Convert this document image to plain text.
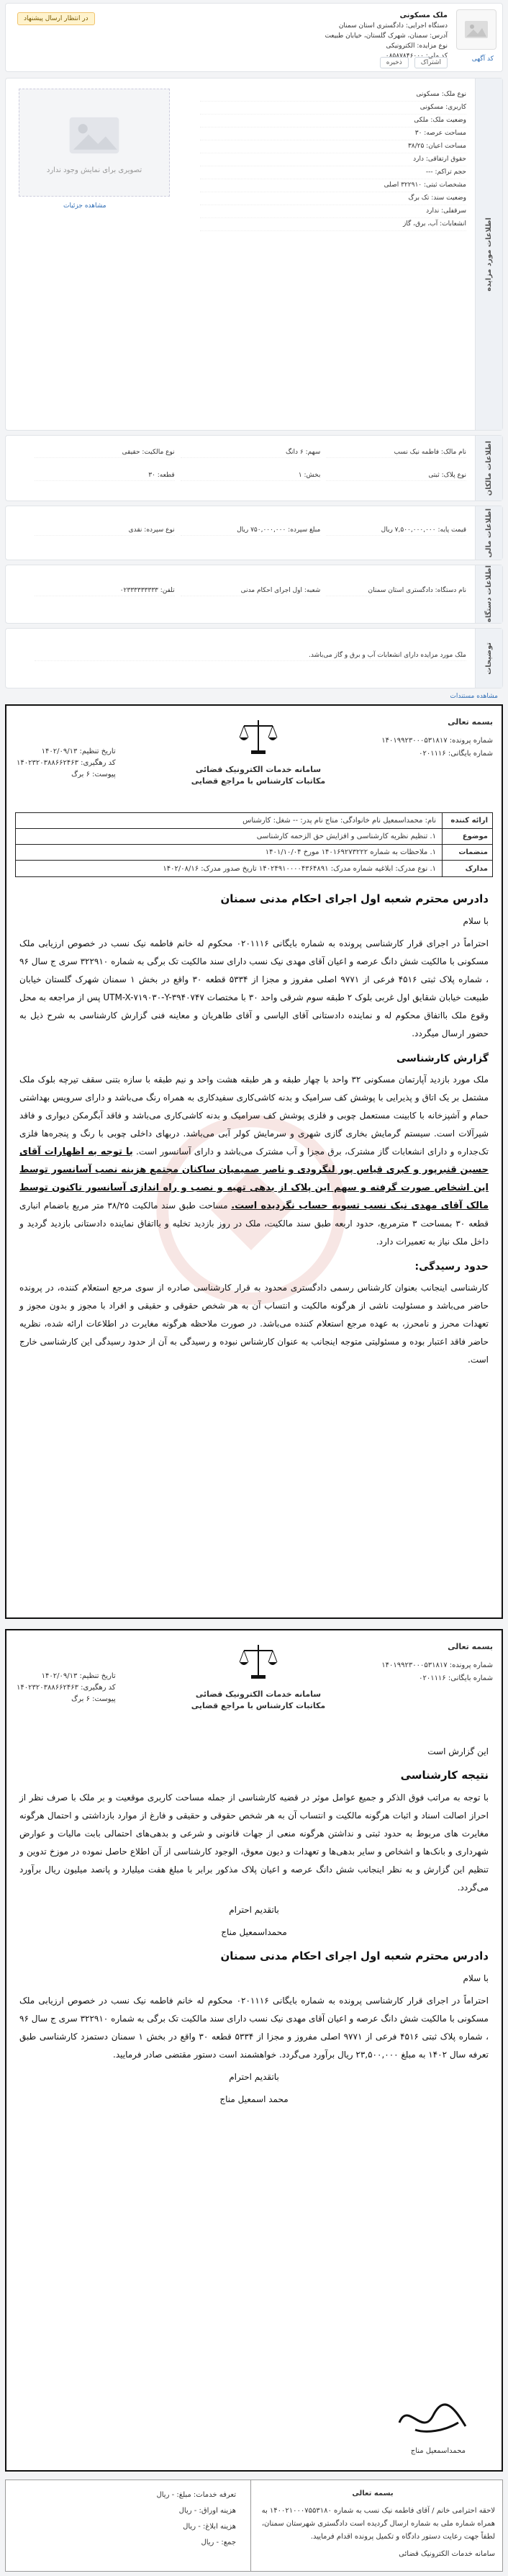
کد آگهی
ملک مسکونی
دستگاه اجرایی: دادگستری استان سمنان
آدرس: سمنان، شهرک گلستان، خیابان طبیعت
نوع مزایده: الکترونیکی
کد ملی: ۰۸۵۸۷۸۴۶۰۰۰
در انتظار ارسال پیشنهاد
اشتراک
ذخیره
اطلاعات مورد مزایده
تصویری برای نمایش وجود ندارد
مشاهده جزئیات
نوع ملک: مسکونی
کاربری: مسکونی
وضعیت ملک: ملکی
مساحت عرصه: ۳۰
مساحت اعیان: ۳۸/۲۵
حقوق ارتفاقی: دارد
حجم تراکم: ---
مشخصات ثبتی: ۳۲۲۹۱۰ اصلی
وضعیت سند: تک برگ
سرقفلی: ندارد
انشعابات: آب، برق، گاز
اطلاعات مالکان
نام مالک: فاطمه نیک نسب
سهم: ۶ دانگ
نوع مالکیت: حقیقی
نوع پلاک: ثبتی
بخش: ۱
قطعه: ۳۰
اطلاعات مالی
قیمت پایه: ۷,۵۰۰,۰۰۰,۰۰۰ ریال
مبلغ سپرده: ۷۵۰,۰۰۰,۰۰۰ ریال
نوع سپرده: نقدی
اطلاعات دستگاه
نام دستگاه: دادگستری استان سمنان
شعبه: اول اجرای احکام مدنی
تلفن: ۰۲۳۳۳۳۳۳۳۳۳
توضیحات
ملک مورد مزایده دارای انشعابات آب و برق و گاز می‌باشد.
مشاهده مستندات
بسمه تعالی
شماره پرونده: ۱۴۰۱۹۹۲۳۰۰۰۵۳۱۸۱۷
شماره بایگانی: ۰۲۰۱۱۱۶
سامانه خدمات الکترونیک قضائی
مکاتبات کارشناس با مراجع قضایی
تاریخ تنظیم: ۱۴۰۲/۰۹/۱۳
کد رهگیری: ۱۴۰۲۳۲۰۳۸۸۶۶۲۴۶۳
پیوست: ۶ برگ
ارائه کننده
نام: محمداسمعیل نام خانوادگی: مناج نام پدر: -- شغل: کارشناس
موضوع
۱. تنظیم نظریه کارشناسی و افزایش حق الزحمه کارشناسی
منضمات
۱. ملاحظات به شماره ۱۴۰۱۶۹۲۷۳۲۲۲ مورخ ۱۴۰۱/۱۰/۰۴
مدارک
۱. نوع مدرک: ابلاغیه شماره مدرک: ۱۴۰۲۴۹۱۰۰۰۰۴۳۶۴۸۹۱ تاریخ صدور مدرک: ۱۴۰۲/۰۸/۱۶
دادرس محترم شعبه اول اجرای احکام مدنی سمنان

با سلام

احتراماً در اجرای قرار کارشناسی پرونده به شماره بایگانی ۰۲۰۱۱۱۶ محکوم له خانم فاطمه نیک نسب در خصوص ارزیابی ملک مسکونی با مالکیت شش دانگ عرصه و اعیان آقای مهدی نیک نسب دارای سند مالکیت تک برگی به شماره ۳۲۲۹۱۰ سری ج سال ۹۶ ، شماره پلاک ثبتی ۴۵۱۶ فرعی از ۹۷۷۱ اصلی مفروز و مجزا از ۵۳۳۴ قطعه ۳۰ واقع در بخش ۱ سمنان شهرک گلستان خیابان طبیعت خیابان شقایق اول غربی بلوک ۲ طبقه سوم شرقی واحد ۳۰ با مختصات UTM-X-۷۱۹۰۳۰-Y-۳۹۴۰۷۴۷ پس از مراجعه به محل وقوع ملک بااتفاق محکوم له و نماینده دادستانی آقای الیاسی و آقای طاهریان و معاینه فنی گزارش کارشناسی به شرح ذیل به حضور ارسال میگردد.

گزارش کارشناسی

ملک مورد بازدید آپارتمان مسکونی ۳۲ واحد با چهار طبقه و هر طبقه هشت واحد و نیم طبقه با سازه بتنی سقف تیرچه بلوک ملک مشتمل بر یک اتاق و پذیرایی با پوشش کف سرامیک و بدنه کاشی‌کاری سفیدکاری به همراه رنگ می‌باشد و دارای سرویس بهداشتی حمام و آشپزخانه با کابینت مستعمل چوبی و فلزی پوشش کف سرامیک و بدنه کاشی‌کاری می‌باشد و فاقد آبگرمکن دیواری و فاقد شیرآلات است. سیستم گرمایش بخاری گازی شهری و سرمایش کولر آبی می‌باشد. دربهای داخلی چوبی با رنگ و پنجره‌ها فلزی تک‌جداره و دارای انشعابات گاز مشترک، برق مجزا و آب مشترک می‌باشد و دارای آسانسور است. با توجه به اظهارات آقای حسین قنبرپور و کبری قیاس پور لنگرودی و ناصر صمیمیان ساکنان مجتمع هزینه نصب آسانسور توسط این اشخاص صورت گرفته و سهم این پلاک از بدهی تهیه و نصب و راه اندازی آسانسور تاکنون توسط مالک آقای مهدی نیک نسب تسویه حساب نگردیده است. مساحت طبق سند مالکیت ۳۸/۲۵ متر مربع باضمام انباری قطعه ۳۰ بمساحت ۳ مترمربع، حدود اربعه طبق سند مالکیت، ملک در روز بازدید تخلیه و بااتفاق نماینده دادستانی بازدید گردید و داخل ملک نیاز به تعمیرات دارد.

حدود رسیدگی:

کارشناسی اینجانب بعنوان کارشناس رسمی دادگستری محدود به قرار کارشناسی صادره از سوی مرجع استعلام کننده، در پرونده حاضر می‌باشد و مسئولیت ناشی از هرگونه مالکیت و انتساب آن به هر شخص حقوقی و حقیقی و افراد با مجوز و بدون مجوز و تعهدات محرز و نامحرز، به عهده مرجع استعلام کننده می‌باشد. در صورت ملاحظه هرگونه مغایرت در اطلاعات ارائه شده، نظریه حاضر فاقد اعتبار بوده و مسئولیتی متوجه اینجانب به عنوان کارشناس نبوده و رسیدگی به آن از حدود رسیدگی این کارشناسی خارج است.

بسمه تعالی
شماره پرونده: ۱۴۰۱۹۹۲۳۰۰۰۵۳۱۸۱۷
شماره بایگانی: ۰۲۰۱۱۱۶
سامانه خدمات الکترونیک قضائی
مکاتبات کارشناس با مراجع قضایی
تاریخ تنظیم: ۱۴۰۲/۰۹/۱۳
کد رهگیری: ۱۴۰۲۳۲۰۳۸۸۶۶۲۴۶۳
پیوست: ۶ برگ

این گزارش است

نتیجه کارشناسی

با توجه به مراتب فوق الذکر و جمیع عوامل موثر در قضیه کارشناسی از جمله مساحت کاربری موقعیت و بر ملک با صرف نظر از احراز اصالت اسناد و اثبات هرگونه مالکیت و انتساب آن به هر شخص حقوقی و حقیقی و فارغ از موارد بازداشتی و احتمال هرگونه مغایرت های مربوط به حدود ثبتی و نداشتن هرگونه منعی از جهات قانونی و شرعی و بدهی‌های احتمالی بابت مالیات و عوارض شهرداری و بانک‌ها و اشخاص و سایر بدهی‌ها و تعهدات و دیون معوق، الوجود کارشناسی از آن اطلاع حاصل نموده در موزخ تدوین و تنظیم این گزارش و به نظر اینجانب شش دانگ عرصه و اعیان پلاک مذکور برابر با مبلغ هفت میلیارد و پانصد میلیون ریال برآورد می‌گردد.

باتقدیم احترام

محمداسمعیل مناج

دادرس محترم شعبه اول اجرای احکام مدنی سمنان

با سلام

احتراماً در اجرای قرار کارشناسی پرونده به شماره بایگانی ۰۲۰۱۱۱۶ محکوم له خانم فاطمه نیک نسب در خصوص ارزیابی ملک مسکونی با مالکیت شش دانگ عرصه و اعیان آقای مهدی نیک نسب دارای سند مالکیت تک برگی به شماره ۳۲۲۹۱۰ سری ج سال ۹۶ ، شماره پلاک ثبتی ۴۵۱۶ فرعی از ۹۷۷۱ اصلی مفروز و مجزا از ۵۳۳۴ قطعه ۳۰ واقع در بخش ۱ سمنان دستمزد کارشناسی طبق تعرفه سال ۱۴۰۲ به مبلغ ۲۳,۵۰۰,۰۰۰ ریال برآورد می‌گردد. خواهشمند است دستور مقتضی صادر فرمایید.

باتقدیم احترام

محمد اسمعیل مناج

محمداسمعیل مناج
بسمه تعالی
لاحقه احترامی خانم / آقای فاطمه نیک نسب به شماره ۱۴۰۰۲۱۰۰۰۷۵۵۳۱۸۰ به همراه شماره ملی به شماره ارسال گردیده است دادگستری شهرستان سمنان، لطفاً جهت رعایت دستور دادگاه و تکمیل پرونده اقدام فرمایید.
سامانه خدمات الکترونیک قضائی
تعرفه خدمات: مبلغ: - ریال
هزینه اوراق: - ریال
هزینه ابلاغ: - ریال
جمع: - ریال
